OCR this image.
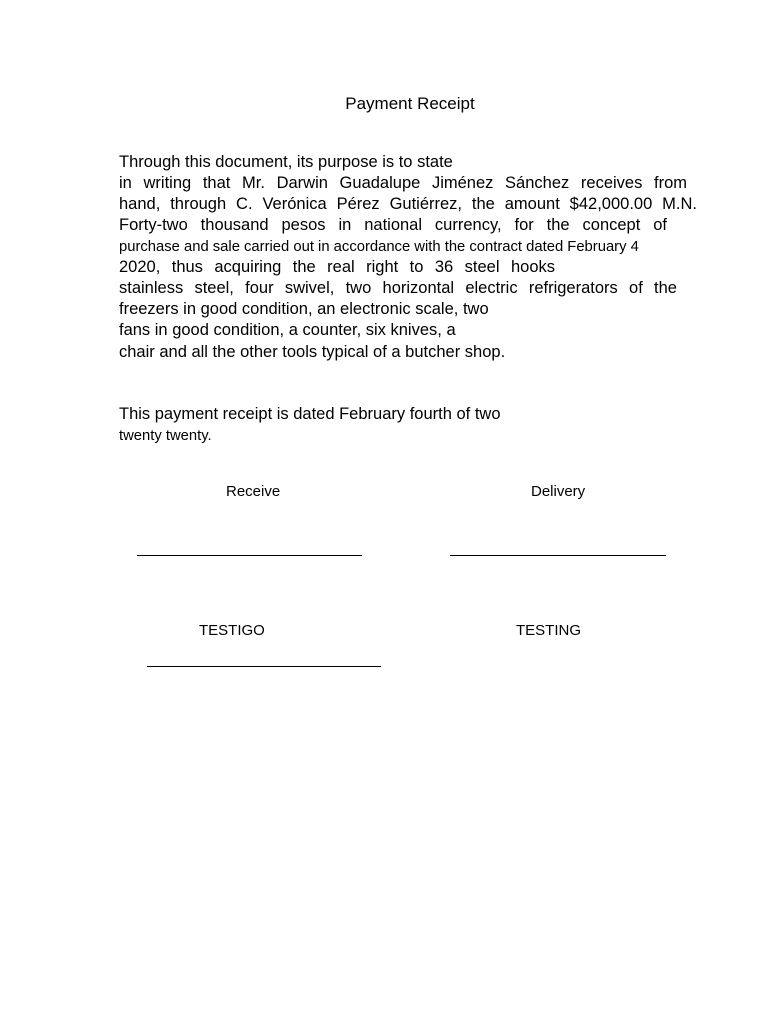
Payment Receipt
Through this document, its purpose is to state
in writing that Mr. Darwin Guadalupe Jiménez Sánchez receives from
hand, through C. Verónica Pérez Gutiérrez, the amount $42,000.00 M.N.
Forty-two thousand pesos in national currency, for the concept of
purchase and sale carried out in accordance with the contract dated February 4
2020, thus acquiring the real right to 36 steel hooks
stainless steel, four swivel, two horizontal electric refrigerators of the
freezers in good condition, an electronic scale, two
fans in good condition, a counter, six knives, a
chair and all the other tools typical of a butcher shop.
This payment receipt is dated February fourth of two
twenty twenty.
Receive	Delivery
TESTIGO	TESTING
